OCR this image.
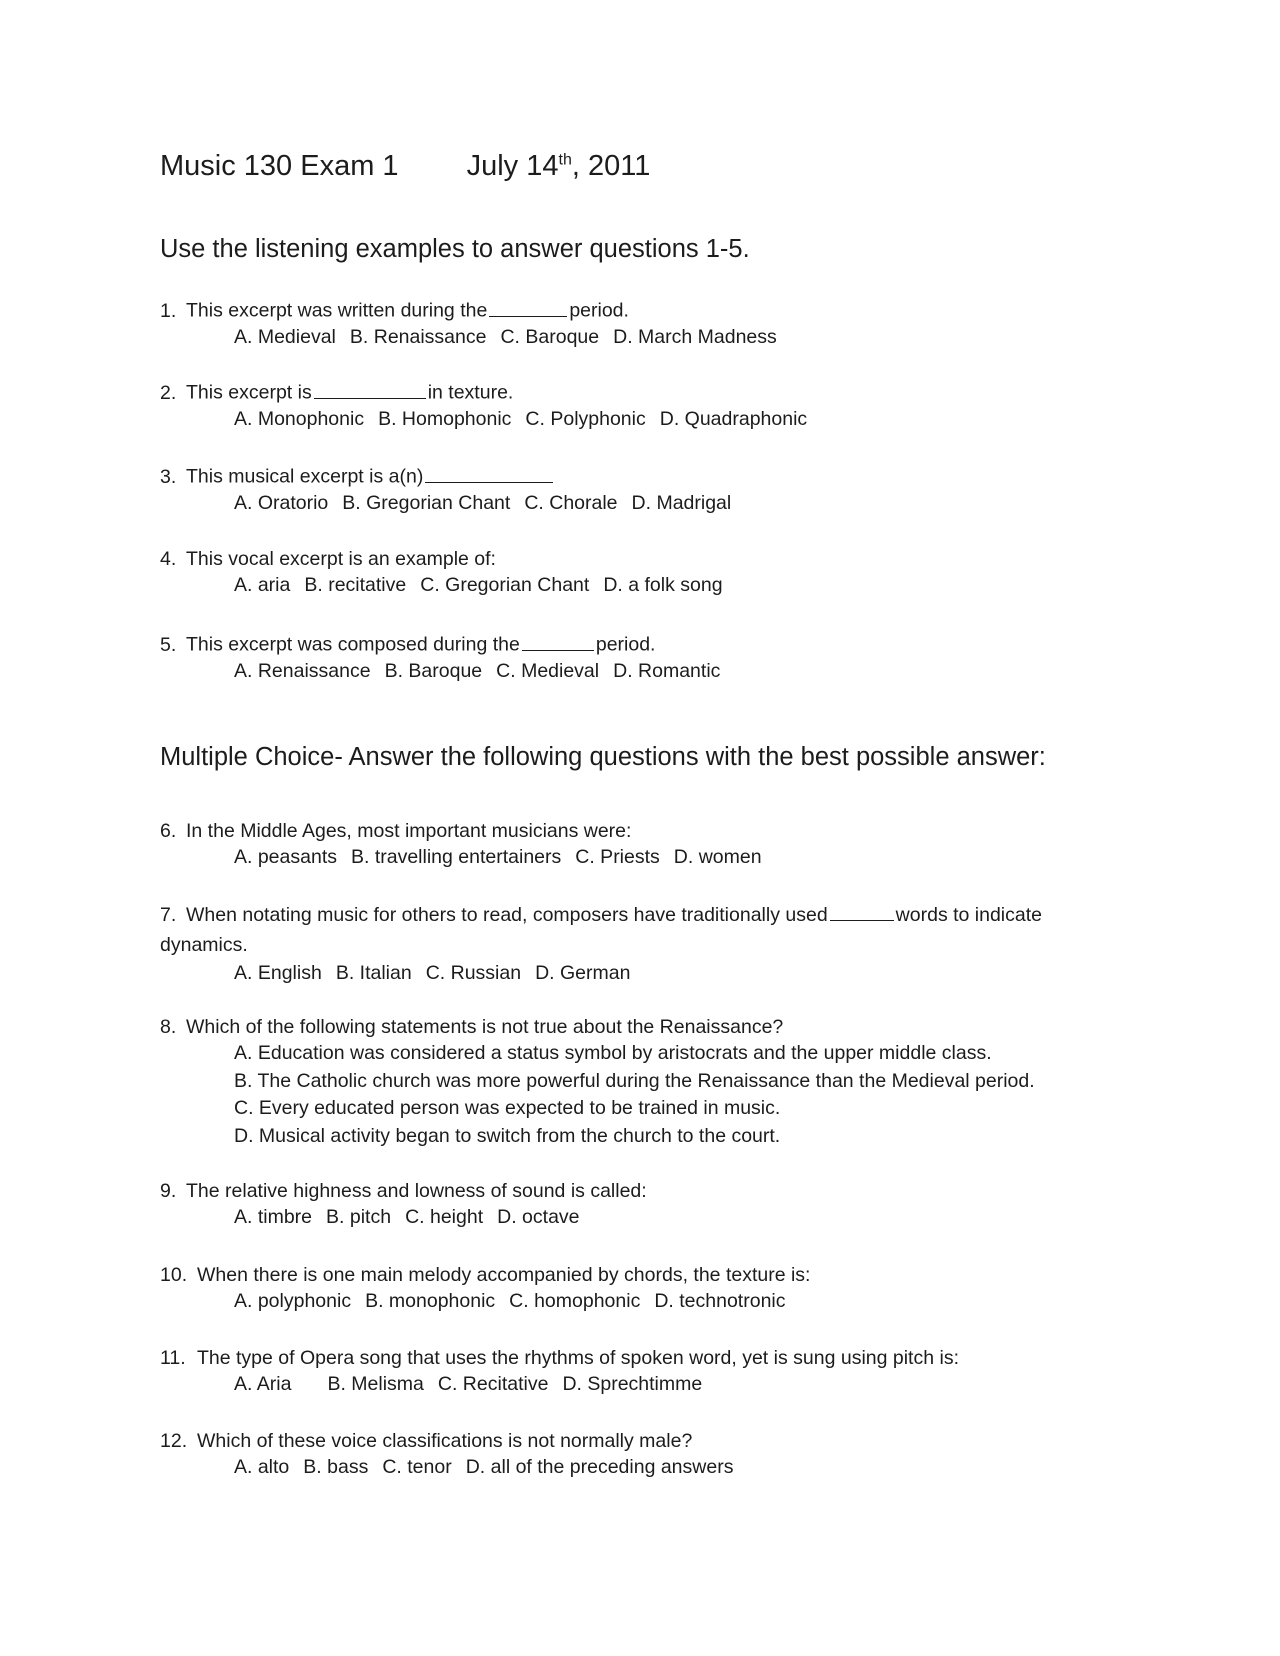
Music 130 Exam 1 July 14th, 2011
Use the listening examples to answer questions 1-5.
1. This excerpt was written during the	period.
A. Medieval B. Renaissance C. Baroque D. March Madness
2. This excerpt is	in texture.
A. Monophonic B. Homophonic C. Polyphonic D. Quadraphonic
3. This musical excerpt is a(n)
A. Oratorio B. Gregorian Chant C. Chorale D. Madrigal
4. This vocal excerpt is an example of:
A. aria B. recitative C. Gregorian Chant D. a folk song
5. This excerpt was composed during the	period.
A. Renaissance B. Baroque C. Medieval D. Romantic
Multiple Choice- Answer the following questions with the best possible answer:
6. In the Middle Ages, most important musicians were:
A. peasants B. travelling entertainers C. Priests D. women
7. When notating music for others to read, composers have traditionally used	words to indicate
dynamics.
A. English B. Italian C. Russian D. German
8. Which of the following statements is not true about the Renaissance?
A. Education was considered a status symbol by aristocrats and the upper middle class.
B. The Catholic church was more powerful during the Renaissance than the Medieval period.
C. Every educated person was expected to be trained in music.
D. Musical activity began to switch from the church to the court.
9. The relative highness and lowness of sound is called:
A. timbre B. pitch C. height D. octave
10. When there is one main melody accompanied by chords, the texture is:
A. polyphonic B. monophonic C. homophonic D. technotronic
11. The type of Opera song that uses the rhythms of spoken word, yet is sung using pitch is:
A. Aria B. Melisma C. Recitative D. Sprechtimme
12. Which of these voice classifications is not normally male?
A. alto B. bass C. tenor D. all of the preceding answers
